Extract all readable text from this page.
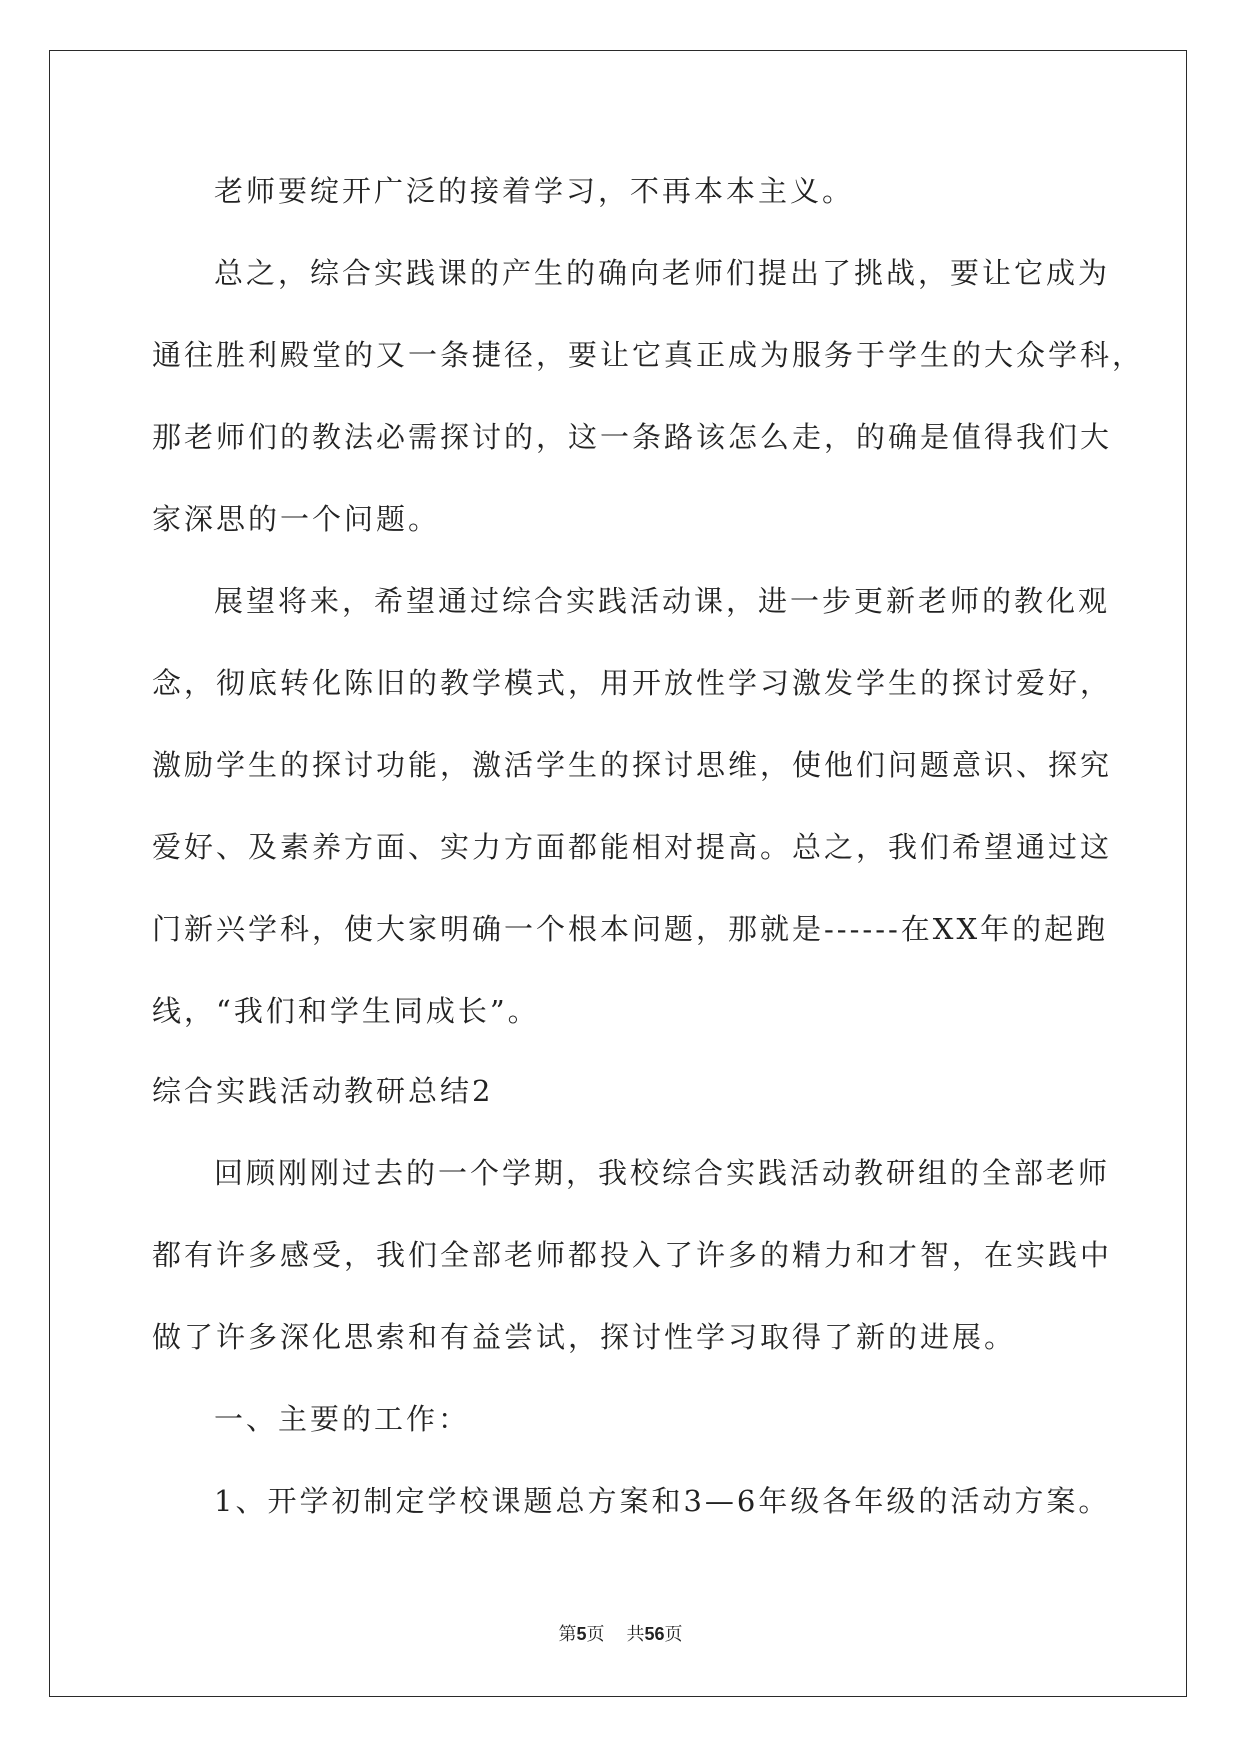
老师要绽开广泛的接着学习，不再本本主义。
总之，综合实践课的产生的确向老师们提出了挑战，要让它成为
通往胜利殿堂的又一条捷径，要让它真正成为服务于学生的大众学科，
那老师们的教法必需探讨的，这一条路该怎么走，的确是值得我们大
家深思的一个问题。
展望将来，希望通过综合实践活动课，进一步更新老师的教化观
念，彻底转化陈旧的教学模式，用开放性学习激发学生的探讨爱好，
激励学生的探讨功能，激活学生的探讨思维，使他们问题意识、探究
爱好、及素养方面、实力方面都能相对提高。总之，我们希望通过这
门新兴学科，使大家明确一个根本问题，那就是------在XX年的起跑
线，“我们和学生同成长”。
综合实践活动教研总结2
回顾刚刚过去的一个学期，我校综合实践活动教研组的全部老师
都有许多感受，我们全部老师都投入了许多的精力和才智，在实践中
做了许多深化思索和有益尝试，探讨性学习取得了新的进展。
一、主要的工作：
1、开学初制定学校课题总方案和3—6年级各年级的活动方案。
第5页 共56页
